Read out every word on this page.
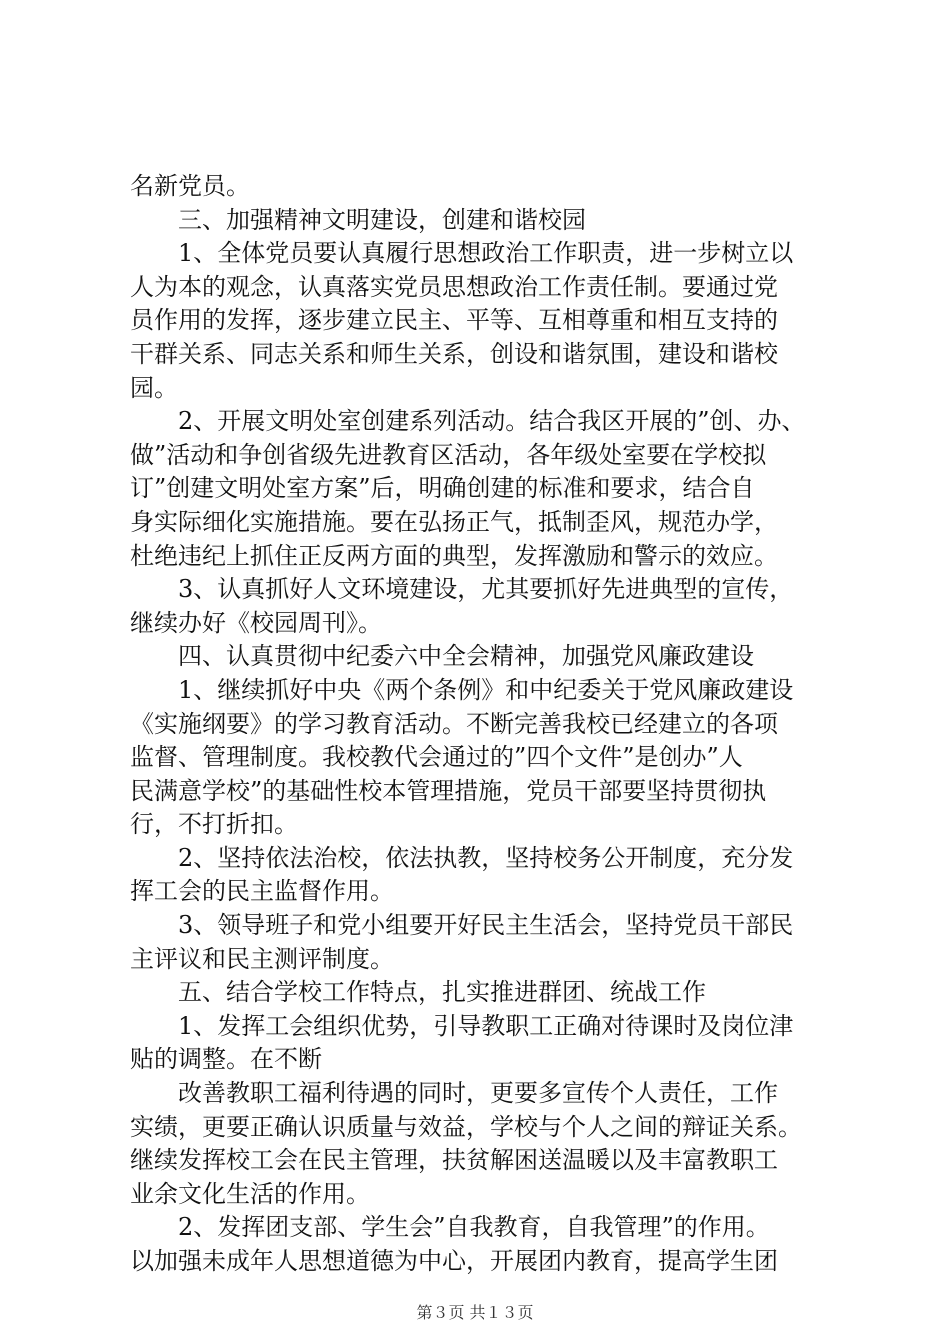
名新党员。
三、加强精神文明建设，创建和谐校园
1、全体党员要认真履行思想政治工作职责，进一步树立以
人为本的观念，认真落实党员思想政治工作责任制。要通过党
员作用的发挥，逐步建立民主、平等、互相尊重和相互支持的
干群关系、同志关系和师生关系，创设和谐氛围，建设和谐校
园。
2、开展文明处室创建系列活动。结合我区开展的”创、办、
做”活动和争创省级先进教育区活动，各年级处室要在学校拟
订”创建文明处室方案”后，明确创建的标准和要求，结合自
身实际细化实施措施。要在弘扬正气，抵制歪风，规范办学，
杜绝违纪上抓住正反两方面的典型，发挥激励和警示的效应。
3、认真抓好人文环境建设，尤其要抓好先进典型的宣传，
继续办好《校园周刊》。
四、认真贯彻中纪委六中全会精神，加强党风廉政建设
1、继续抓好中央《两个条例》和中纪委关于党风廉政建设
《实施纲要》的学习教育活动。不断完善我校已经建立的各项
监督、管理制度。我校教代会通过的”四个文件”是创办”人
民满意学校”的基础性校本管理措施，党员干部要坚持贯彻执
行，不打折扣。
2、坚持依法治校，依法执教，坚持校务公开制度，充分发
挥工会的民主监督作用。
3、领导班子和党小组要开好民主生活会，坚持党员干部民
主评议和民主测评制度。
五、结合学校工作特点，扎实推进群团、统战工作
1、发挥工会组织优势，引导教职工正确对待课时及岗位津
贴的调整。在不断
改善教职工福利待遇的同时，更要多宣传个人责任，工作
实绩，更要正确认识质量与效益，学校与个人之间的辩证关系。
继续发挥校工会在民主管理，扶贫解困送温暖以及丰富教职工
业余文化生活的作用。
2、发挥团支部、学生会”自我教育，自我管理”的作用。
以加强未成年人思想道德为中心，开展团内教育，提高学生团
第３页 共１３页
